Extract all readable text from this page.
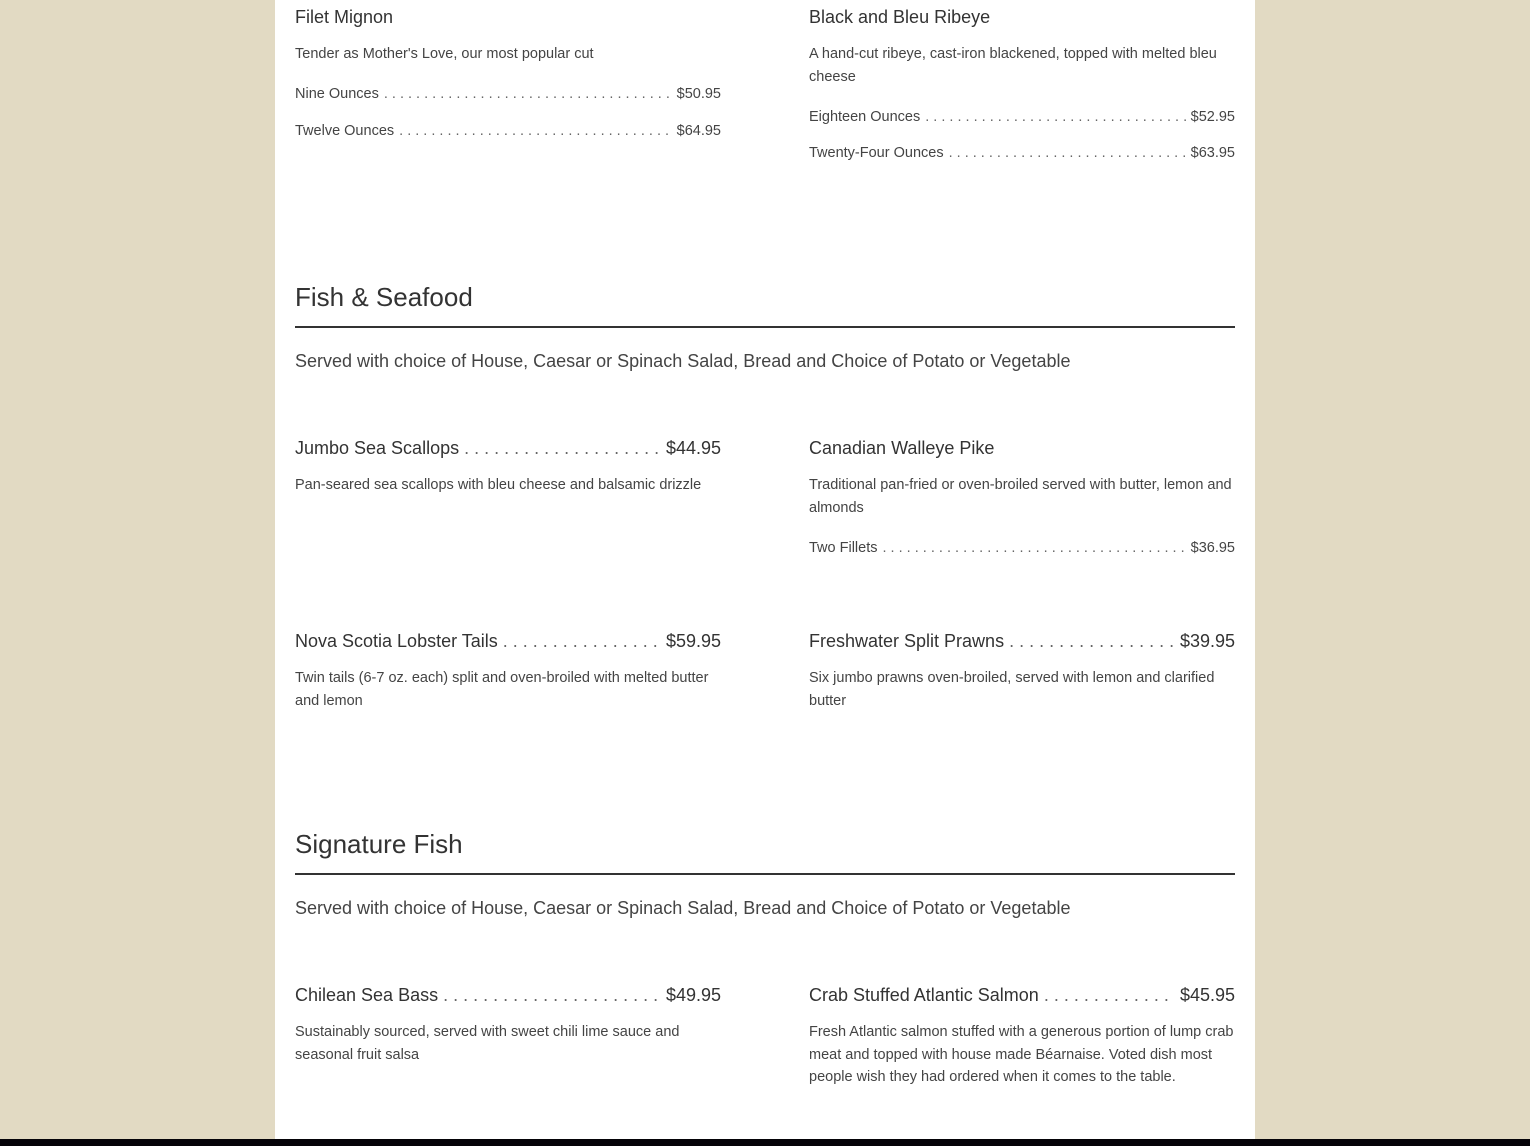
Filet Mignon
Tender as Mother's Love, our most popular cut
Nine Ounces . . .	$50.95
Twelve Ounces . . .	$64.95
Black and Bleu Ribeye
A hand-cut ribeye, cast-iron blackened, topped with melted bleu cheese
Eighteen Ounces . . .	$52.95
Twenty-Four Ounces . . .	$63.95
Fish & Seafood
Served with choice of House, Caesar or Spinach Salad, Bread and Choice of Potato or Vegetable
Jumbo Sea Scallops . . .	$44.95
Pan-seared sea scallops with bleu cheese and balsamic drizzle
Canadian Walleye Pike
Traditional pan-fried or oven-broiled served with butter, lemon and almonds
Two Fillets . . .	$36.95
Nova Scotia Lobster Tails . . .	$59.95
Twin tails (6-7 oz. each) split and oven-broiled with melted butter and lemon
Freshwater Split Prawns . . .	$39.95
Six jumbo prawns oven-broiled, served with lemon and clarified butter
Signature Fish
Served with choice of House, Caesar or Spinach Salad, Bread and Choice of Potato or Vegetable
Chilean Sea Bass . . .	$49.95
Sustainably sourced, served with sweet chili lime sauce and seasonal fruit salsa
Crab Stuffed Atlantic Salmon . . .	$45.95
Fresh Atlantic salmon stuffed with a generous portion of lump crab meat and topped with house made Béarnaise. Voted dish most people wish they had ordered when it comes to the table.
